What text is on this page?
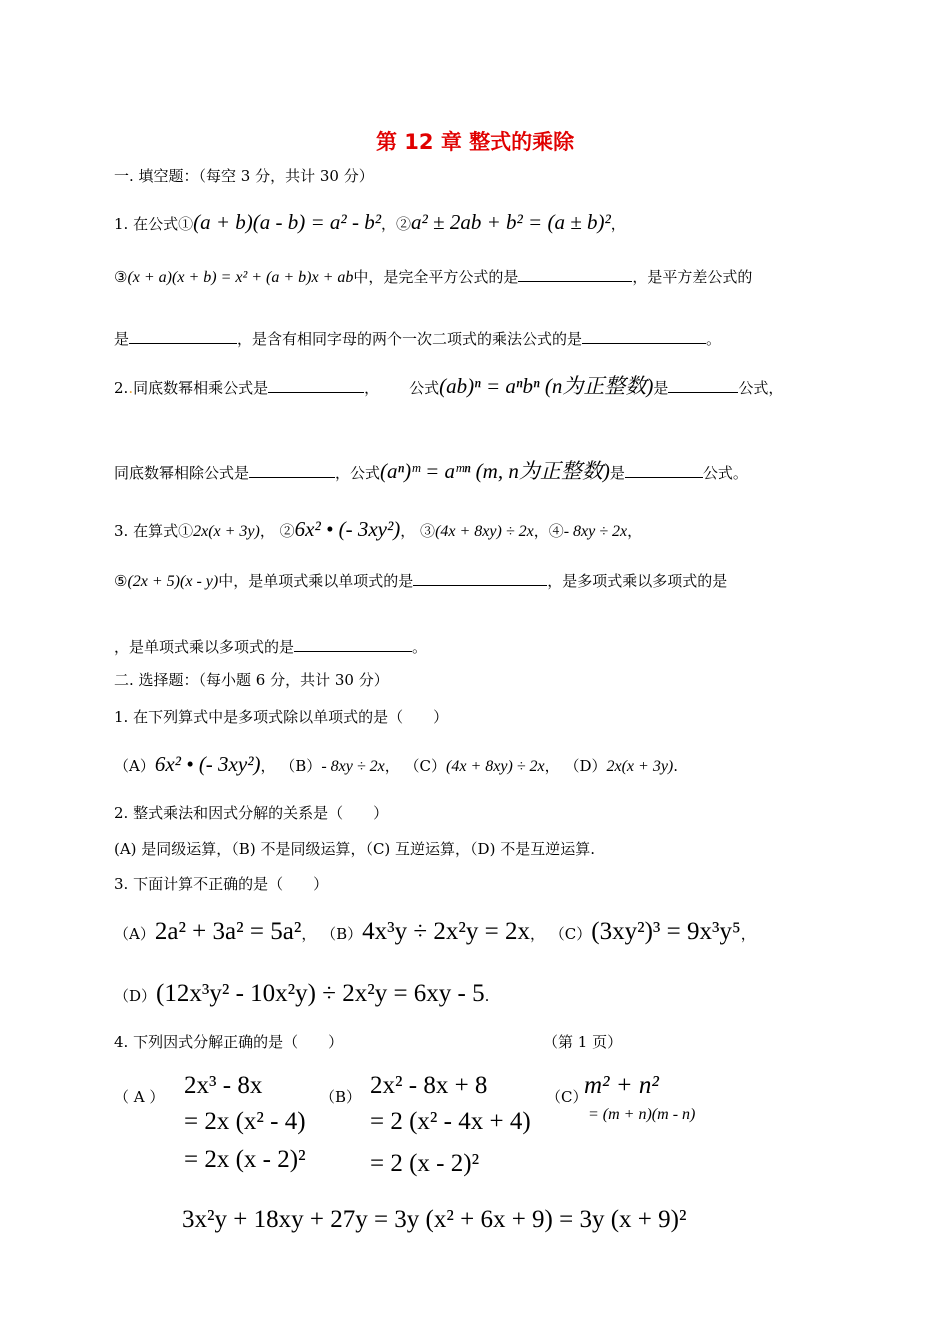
第 12 章 整式的乘除
一. 填空题：（每空 3 分，共计 30 分）
1. 在公式①(a + b)(a - b) = a² - b²，②a² ± 2ab + b² = (a ± b)²，
③(x + a)(x + b) = x² + (a + b)x + ab中，是完全平方公式的是	，是平方差公式的
是	，是含有相同字母的两个一次二项式的乘法公式的是	。
2..同底数幂相乘公式是	， 公式(ab)ⁿ = aⁿbⁿ (n为正整数)是	公式，
同底数幂相除公式是	，公式(aⁿ)ᵐ = aᵐⁿ (m, n为正整数)是	公式。
3. 在算式①2x(x + 3y)， ②6x² • (- 3xy²)， ③(4x + 8xy) ÷ 2x，④- 8xy ÷ 2x，
⑤(2x + 5)(x - y)中，是单项式乘以单项式的是	，是多项式乘以多项式的是
，是单项式乘以多项式的是	。
二. 选择题：（每小题 6 分，共计 30 分）
1. 在下列算式中是多项式除以单项式的是（　　）
（A）6x² • (- 3xy²)， （B）- 8xy ÷ 2x， （C）(4x + 8xy) ÷ 2x， （D）2x(x + 3y).
2. 整式乘法和因式分解的关系是（　　）
(A) 是同级运算，（B) 不是同级运算，（C) 互逆运算，（D) 不是互逆运算.
3. 下面计算不正确的是（　　）
（A）2a² + 3a² = 5a²， （B）4x³y ÷ 2x²y = 2x， （C）(3xy²)³ = 9x³y⁵，
（D）(12x³y² - 10x²y) ÷ 2x²y = 6xy - 5.
4. 下列因式分解正确的是（　　）	（第 1 页）
（ A ） 2x³ - 8x
= 2x (x² - 4)
= 2x (x - 2)²
（B） 2x² - 8x + 8
= 2 (x² - 4x + 4)
= 2 (x - 2)²
（C）
m² + n²
= (m + n)(m - n)
3x²y + 18xy + 27y = 3y (x² + 6x + 9) = 3y (x + 9)²
